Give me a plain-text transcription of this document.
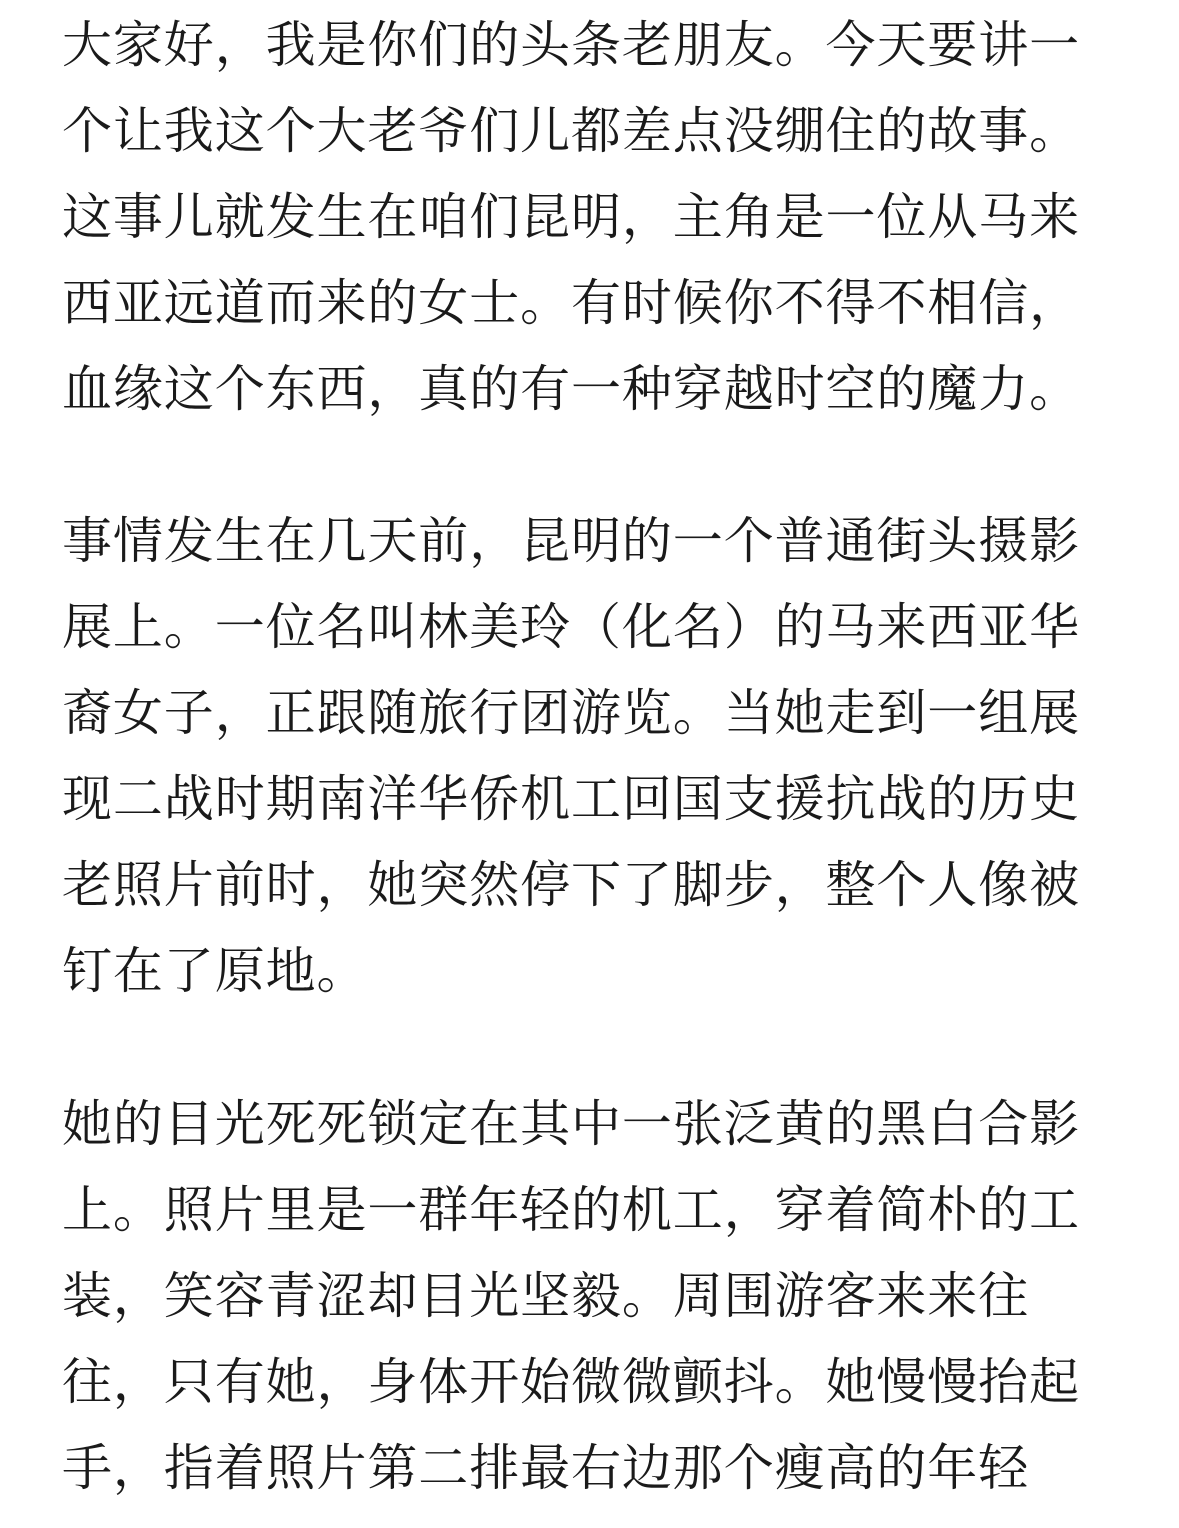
大家好，我是你们的头条老朋友。今天要讲一
个让我这个大老爷们儿都差点没绷住的故事。
这事儿就发生在咱们昆明，主角是一位从马来
西亚远道而来的女士。有时候你不得不相信，
血缘这个东西，真的有一种穿越时空的魔力。

事情发生在几天前，昆明的一个普通街头摄影
展上。一位名叫林美玲（化名）的马来西亚华
裔女子，正跟随旅行团游览。当她走到一组展
现二战时期南洋华侨机工回国支援抗战的历史
老照片前时，她突然停下了脚步，整个人像被
钉在了原地。

她的目光死死锁定在其中一张泛黄的黑白合影
上。照片里是一群年轻的机工，穿着简朴的工
装，笑容青涩却目光坚毅。周围游客来来往
往，只有她，身体开始微微颤抖。她慢慢抬起
手，指着照片第二排最右边那个瘦高的年轻
